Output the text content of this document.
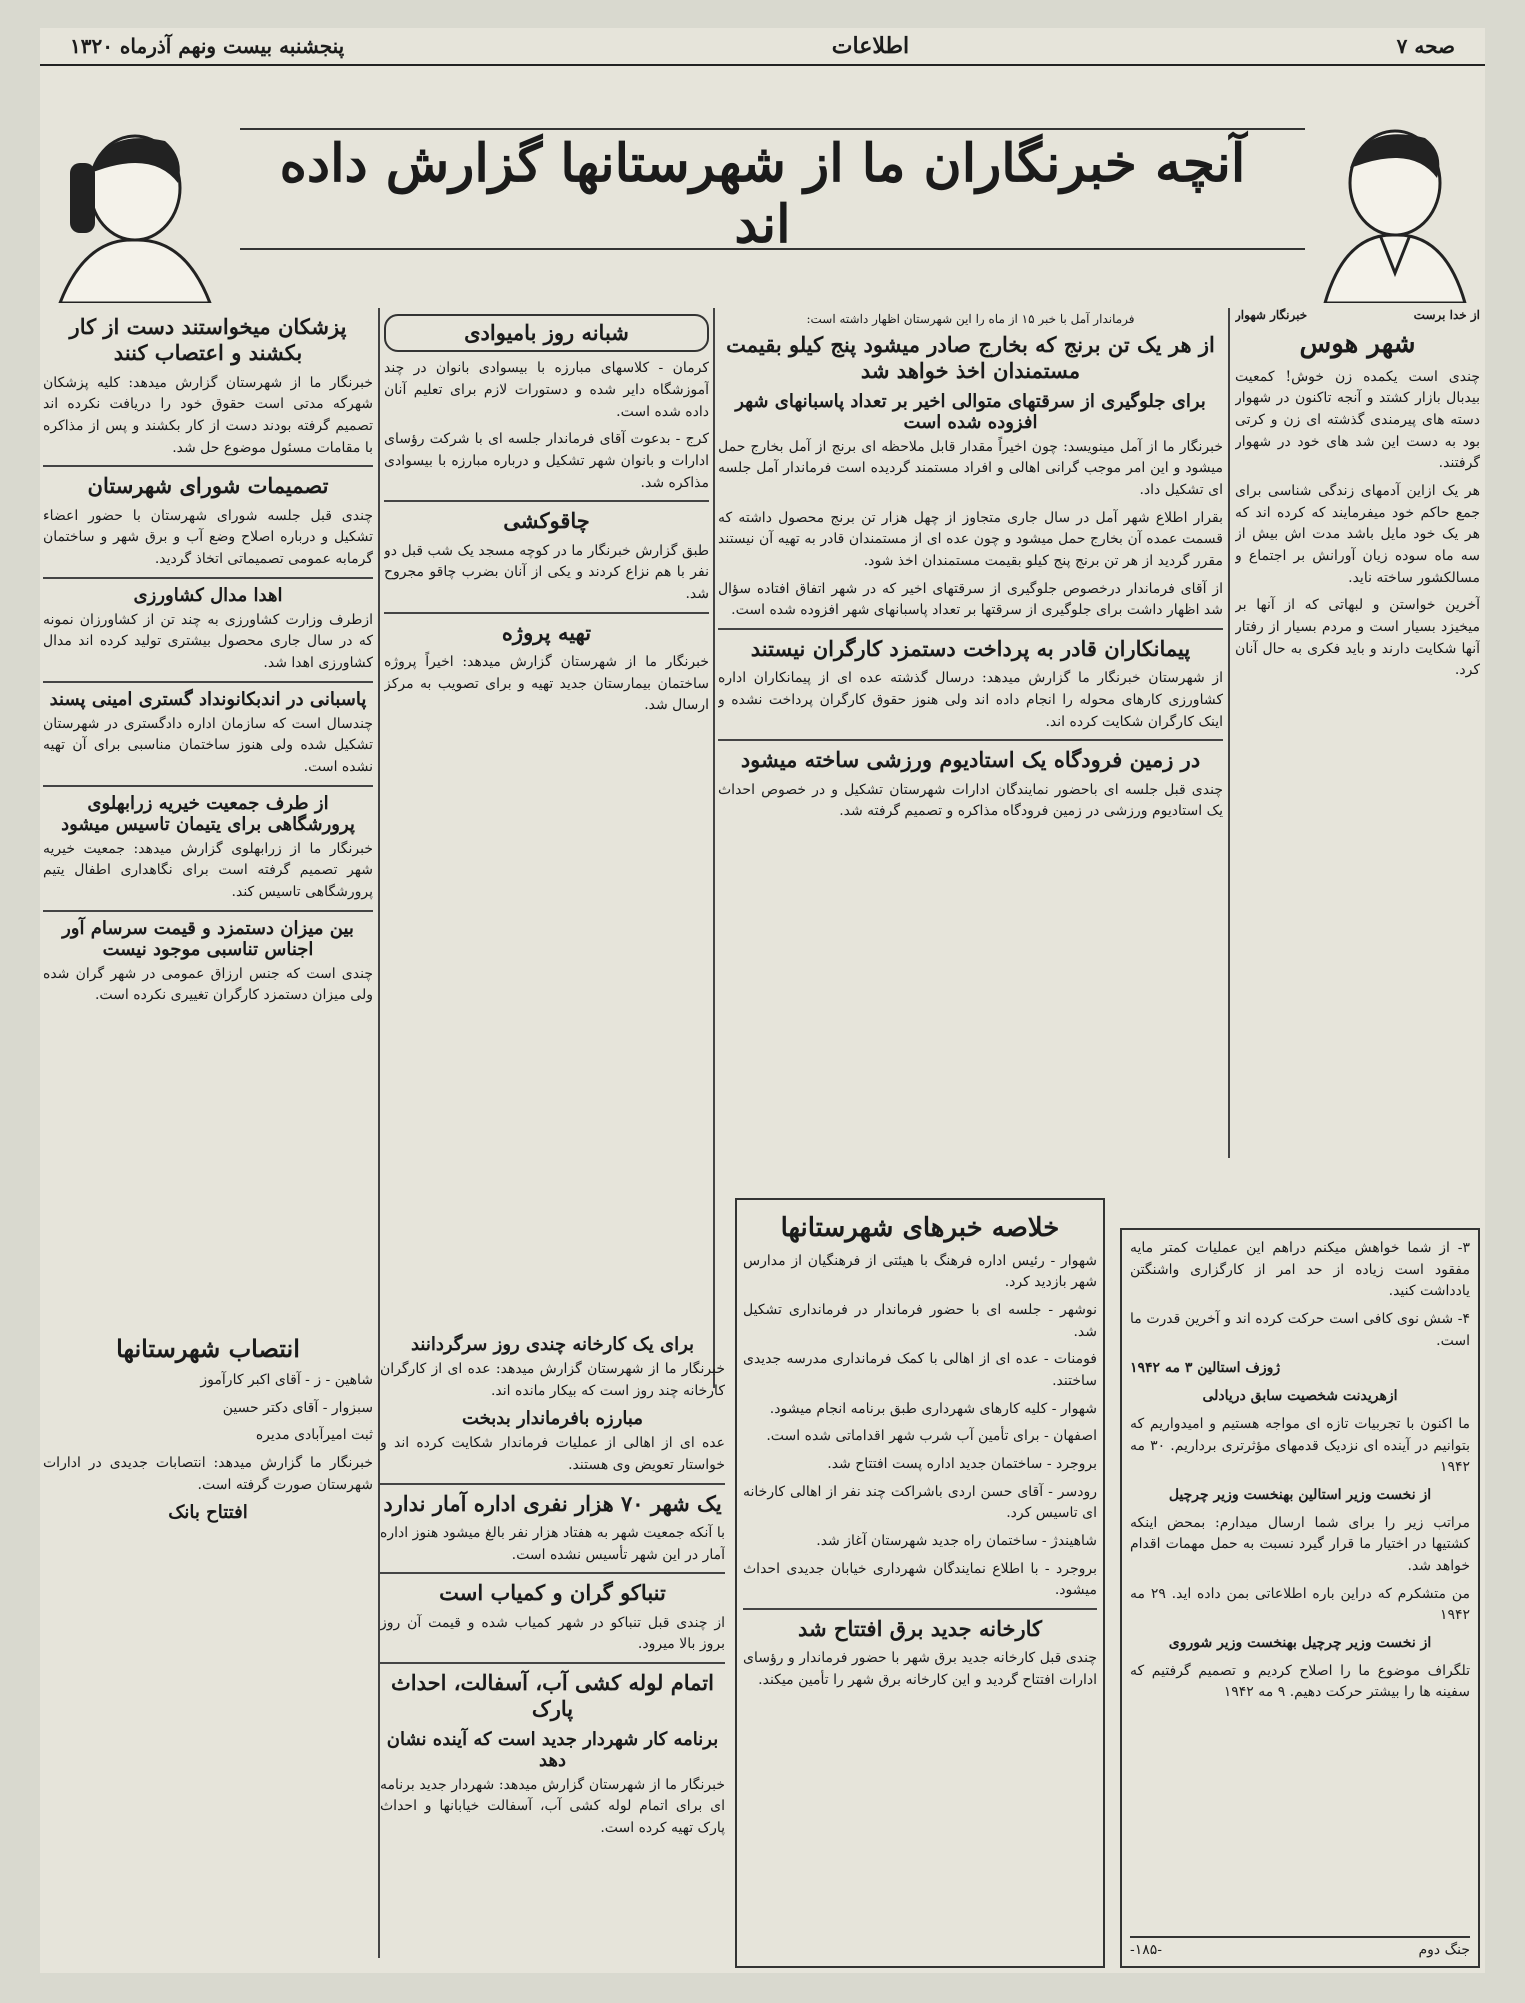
صحه ۷
اطلاعات
پنجشنبه بیست ونهم آذرماه ۱۳۲۰
آنچه خبرنگاران ما از شهرستانها گزارش داده اند
از خدا برست
خبرنگار شهوار
شهر هوس

چندی است یکمده زن خوش! کمعیت بیدبال بازار کشتد و آنجه تاکنون در شهوار دسته های پیرمندی گذشته ای زن و کرتی بود به دست این شد های خود در شهوار گرفتند.

هر یک ازاین آدمهای زندگی شناسی برای جمع حاکم خود میفرمایند که کرده اند که هر یک خود مایل باشد مدت اش بیش از سه ماه سوده زیان آورانش بر اجتماع و مسالکشور ساخته ناید.

آخرین خواستن و لبهاتی که از آنها بر میخیزد بسیار است و مردم بسیار از رفتار آنها شکایت دارند و باید فکری به حال آنان کرد.

فرماندار آمل با خبر ۱۵ از ماه را این شهرستان اظهار داشته است:
از هر یک تن برنج که بخارج صادر میشود پنج کیلو بقیمت مستمندان اخذ خواهد شد
برای جلوگیری از سرقتهای متوالی اخیر بر تعداد پاسبانهای شهر افزوده شده است

خبرنگار ما از آمل مینویسد: چون اخیراً مقدار قابل ملاحظه ای برنج از آمل بخارج حمل میشود و این امر موجب گرانی اهالی و افراد مستمند گردیده است فرماندار آمل جلسه ای تشکیل داد.

بقرار اطلاع شهر آمل در سال جاری متجاوز از چهل هزار تن برنج محصول داشته که قسمت عمده آن بخارج حمل میشود و چون عده ای از مستمندان قادر به تهیه آن نیستند مقرر گردید از هر تن برنج پنج کیلو بقیمت مستمندان اخذ شود.

از آقای فرماندار درخصوص جلوگیری از سرقتهای اخیر که در شهر اتفاق افتاده سؤال شد اظهار داشت برای جلوگیری از سرقتها بر تعداد پاسبانهای شهر افزوده شده است.

پیمانکاران قادر به پرداخت دستمزد کارگران نیستند

از شهرستان خبرنگار ما گزارش میدهد: درسال گذشته عده ای از پیمانکاران اداره کشاورزی کارهای محوله را انجام داده اند ولی هنوز حقوق کارگران پرداخت نشده و اینک کارگران شکایت کرده اند.

در زمین فرودگاه یک استادیوم ورزشی ساخته میشود

چندی قبل جلسه ای باحضور نمایندگان ادارات شهرستان تشکیل و در خصوص احداث یک استادیوم ورزشی در زمین فرودگاه مذاکره و تصمیم گرفته شد.

شبانه روز بامیوادی

کرمان - کلاسهای مبارزه با بیسوادی بانوان در چند آموزشگاه دایر شده و دستورات لازم برای تعلیم آنان داده شده است.

کرج - بدعوت آقای فرماندار جلسه ای با شرکت رؤسای ادارات و بانوان شهر تشکیل و درباره مبارزه با بیسوادی مذاکره شد.

چاقوکشی

طبق گزارش خبرنگار ما در کوچه مسجد یک شب قبل دو نفر با هم نزاع کردند و یکی از آنان بضرب چاقو مجروح شد.

تهیه پروژه

خبرنگار ما از شهرستان گزارش میدهد: اخیراً پروژه ساختمان بیمارستان جدید تهیه و برای تصویب به مرکز ارسال شد.

پزشکان میخواستند دست از کار بکشند و اعتصاب کنند

خبرنگار ما از شهرستان گزارش میدهد: کلیه پزشکان شهرکه مدتی است حقوق خود را دریافت نکرده اند تصمیم گرفته بودند دست از کار بکشند و پس از مذاکره با مقامات مسئول موضوع حل شد.

تصمیمات شورای شهرستان

چندی قبل جلسه شورای شهرستان با حضور اعضاء تشکیل و درباره اصلاح وضع آب و برق شهر و ساختمان گرمابه عمومی تصمیماتی اتخاذ گردید.

اهدا مدال کشاورزی

ازطرف وزارت کشاورزی به چند تن از کشاورزان نمونه که در سال جاری محصول بیشتری تولید کرده اند مدال کشاورزی اهدا شد.

پاسبانی در اندبکانونداد گستری امینی پسند

چندسال است که سازمان اداره دادگستری در شهرستان تشکیل شده ولی هنوز ساختمان مناسبی برای آن تهیه نشده است.

از طرف جمعیت خیریه زرابهلوی پرورشگاهی برای یتیمان تاسیس میشود

خبرنگار ما از زرابهلوی گزارش میدهد: جمعیت خیریه شهر تصمیم گرفته است برای نگاهداری اطفال یتیم پرورشگاهی تاسیس کند.

بین میزان دستمزد و قیمت سرسام آور اجناس تناسبی موجود نیست

چندی است که جنس ارزاق عمومی در شهر گران شده ولی میزان دستمزد کارگران تغییری نکرده است.

خلاصه خبرهای شهرستانها

شهوار - رئیس اداره فرهنگ با هیئتی از فرهنگیان از مدارس شهر بازدید کرد.

نوشهر - جلسه ای با حضور فرماندار در فرمانداری تشکیل شد.

فومنات - عده ای از اهالی با کمک فرمانداری مدرسه جدیدی ساختند.

شهوار - کلیه کارهای شهرداری طبق برنامه انجام میشود.

اصفهان - برای تأمین آب شرب شهر اقداماتی شده است.

بروجرد - ساختمان جدید اداره پست افتتاح شد.

رودسر - آقای حسن اردی باشراکت چند نفر از اهالی کارخانه ای تاسیس کرد.

شاهیندژ - ساختمان راه جدید شهرستان آغاز شد.

بروجرد - با اطلاع نمایندگان شهرداری خیابان جدیدی احداث میشود.

کارخانه جدید برق افتتاح شد

چندی قبل کارخانه جدید برق شهر با حضور فرماندار و رؤسای ادارات افتتاح گردید و این کارخانه برق شهر را تأمین میکند.

۳- از شما خواهش میکنم دراهم این عملیات کمتر مایه مفقود است زیاده از حد امر از کارگزاری واشنگتن یادداشت کنید.

۴- شش نوی کافی است حرکت کرده اند و آخرین قدرت ما است.

ژوزف استالین ۳ مه ۱۹۴۲

ازهریدنت شخصیت سابق دریادلی

ما اکنون با تجربیات تازه ای مواجه هستیم و امیدواریم که بتوانیم در آینده ای نزدیک قدمهای مؤثرتری برداریم. ۳۰ مه ۱۹۴۲

از نخست وزیر استالین بهنخست وزیر چرچیل

مراتب زیر را برای شما ارسال میدارم: بمحض اینکه کشتیها در اختیار ما قرار گیرد نسبت به حمل مهمات اقدام خواهد شد.

من متشکرم که دراین باره اطلاعاتی بمن داده اید. ۲۹ مه ۱۹۴۲

از نخست وزیر چرچیل بهنخست وزیر شوروی

تلگراف موضوع ما را اصلاح کردیم و تصمیم گرفتیم که سفینه ها را بیشتر حرکت دهیم. ۹ مه ۱۹۴۲

جنگ دوم
-۱۸۵-
برای یک کارخانه چندی روز سرگردانند

خبرنگار ما از شهرستان گزارش میدهد: عده ای از کارگران کارخانه چند روز است که بیکار مانده اند.

مبارزه بافرماندار بدبخت

عده ای از اهالی از عملیات فرماندار شکایت کرده اند و خواستار تعویض وی هستند.

یک شهر ۷۰ هزار نفری اداره آمار ندارد

با آنکه جمعیت شهر به هفتاد هزار نفر بالغ میشود هنوز اداره آمار در این شهر تأسیس نشده است.

تنباکو گران و کمیاب است

از چندی قبل تنباکو در شهر کمیاب شده و قیمت آن روز بروز بالا میرود.

اتمام لوله کشی آب، آسفالت، احداث پارک
برنامه کار شهردار جدید است که آینده نشان دهد

خبرنگار ما از شهرستان گزارش میدهد: شهردار جدید برنامه ای برای اتمام لوله کشی آب، آسفالت خیابانها و احداث پارک تهیه کرده است.

انتصاب شهرستانها

شاهین - ز - آقای اکبر کارآموز

سبزوار - آقای دکتر حسین

ثبت امیرآبادی مدیره

خبرنگار ما گزارش میدهد: انتصابات جدیدی در ادارات شهرستان صورت گرفته است.

افتتاح بانک
